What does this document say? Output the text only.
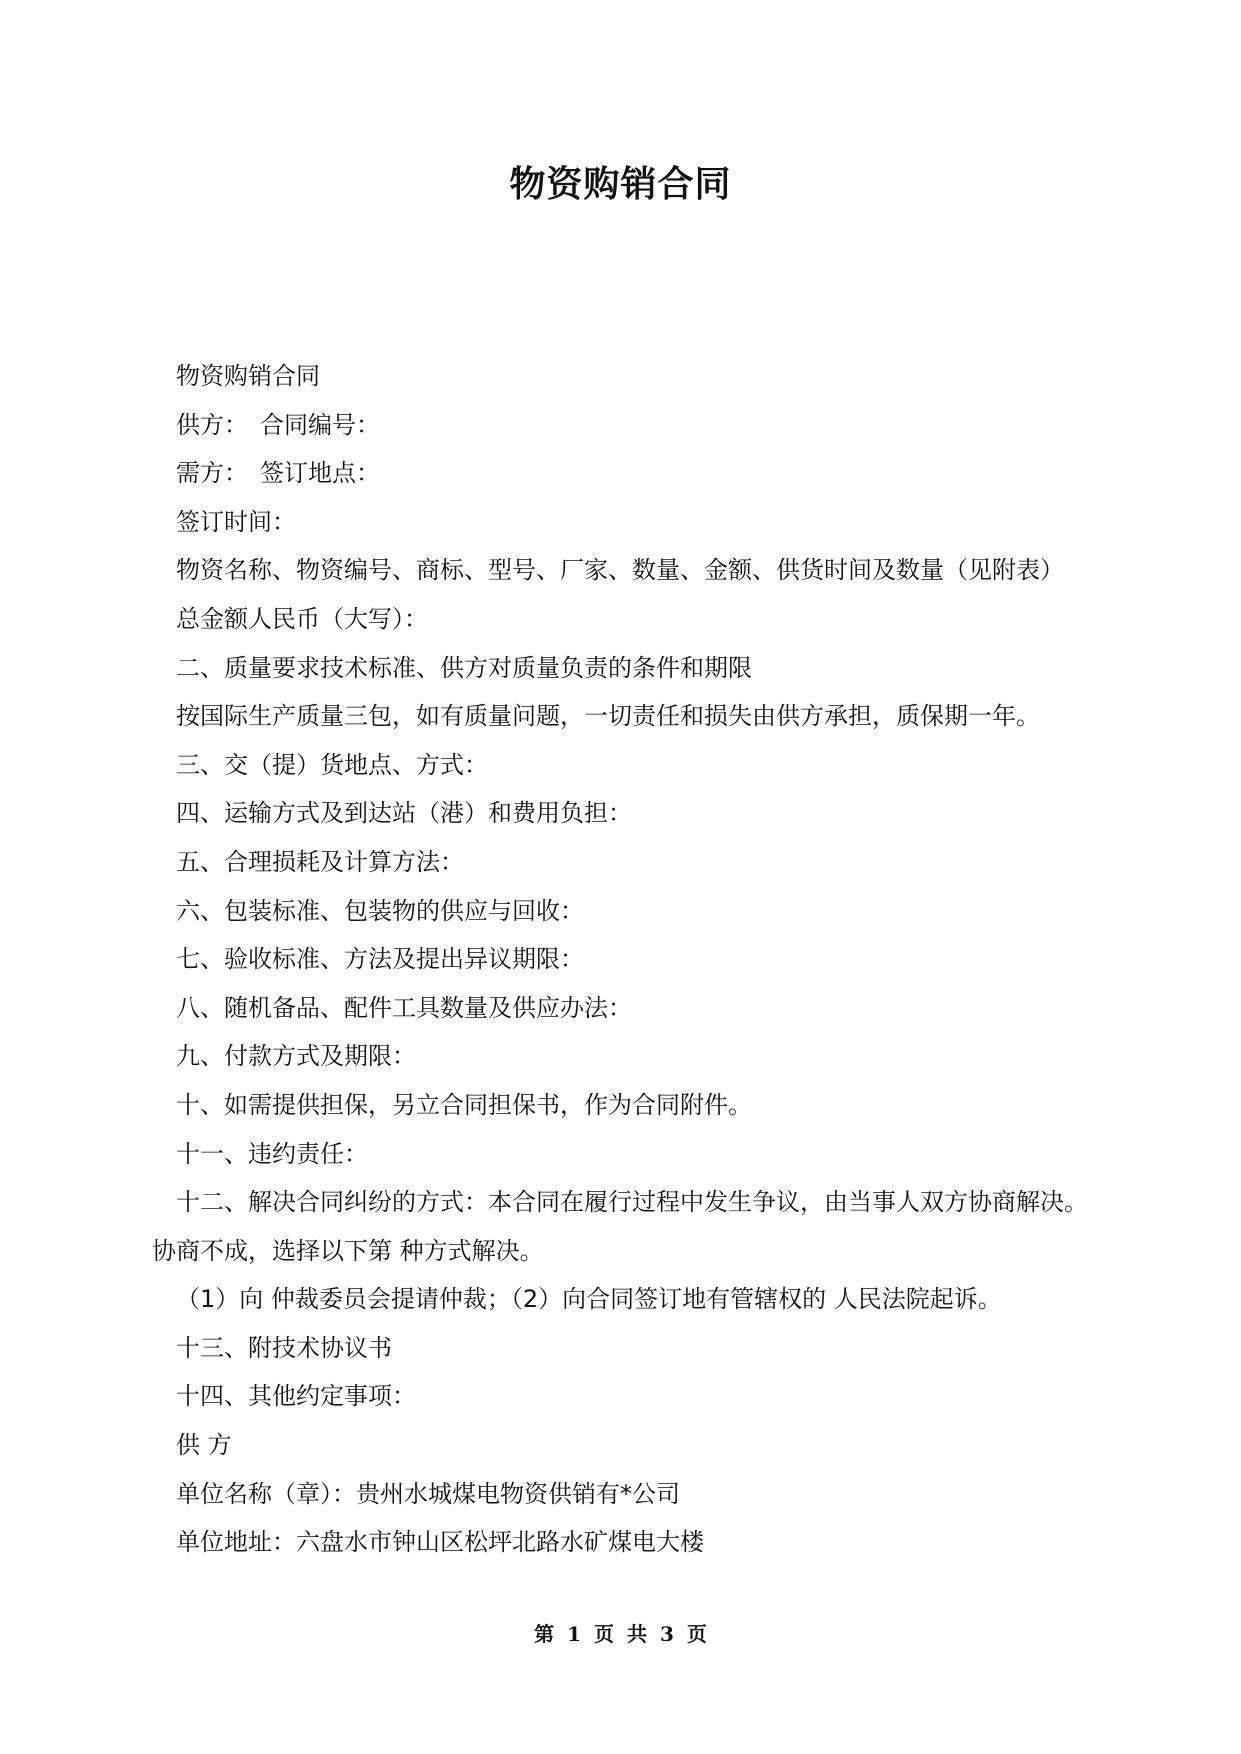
物资购销合同

物资购销合同

供方：　合同编号：

需方：　签订地点：

签订时间：

物资名称、物资编号、商标、型号、厂家、数量、金额、供货时间及数量（见附表）

总金额人民币（大写）：

二、质量要求技术标准、供方对质量负责的条件和期限

按国际生产质量三包，如有质量问题，一切责任和损失由供方承担，质保期一年。

三、交（提）货地点、方式：

四、运输方式及到达站（港）和费用负担：

五、合理损耗及计算方法：

六、包装标准、包装物的供应与回收：

七、验收标准、方法及提出异议期限：

八、随机备品、配件工具数量及供应办法：

九、付款方式及期限：

十、如需提供担保，另立合同担保书，作为合同附件。

十一、违约责任：

十二、解决合同纠纷的方式：本合同在履行过程中发生争议，由当事人双方协商解决。

协商不成，选择以下第 种方式解决。

（1）向 仲裁委员会提请仲裁；（2）向合同签订地有管辖权的 人民法院起诉。

十三、附技术协议书

十四、其他约定事项：

供 方

单位名称（章）：贵州水城煤电物资供销有*公司

单位地址：六盘水市钟山区松坪北路水矿煤电大楼

第 1 页 共 3 页
